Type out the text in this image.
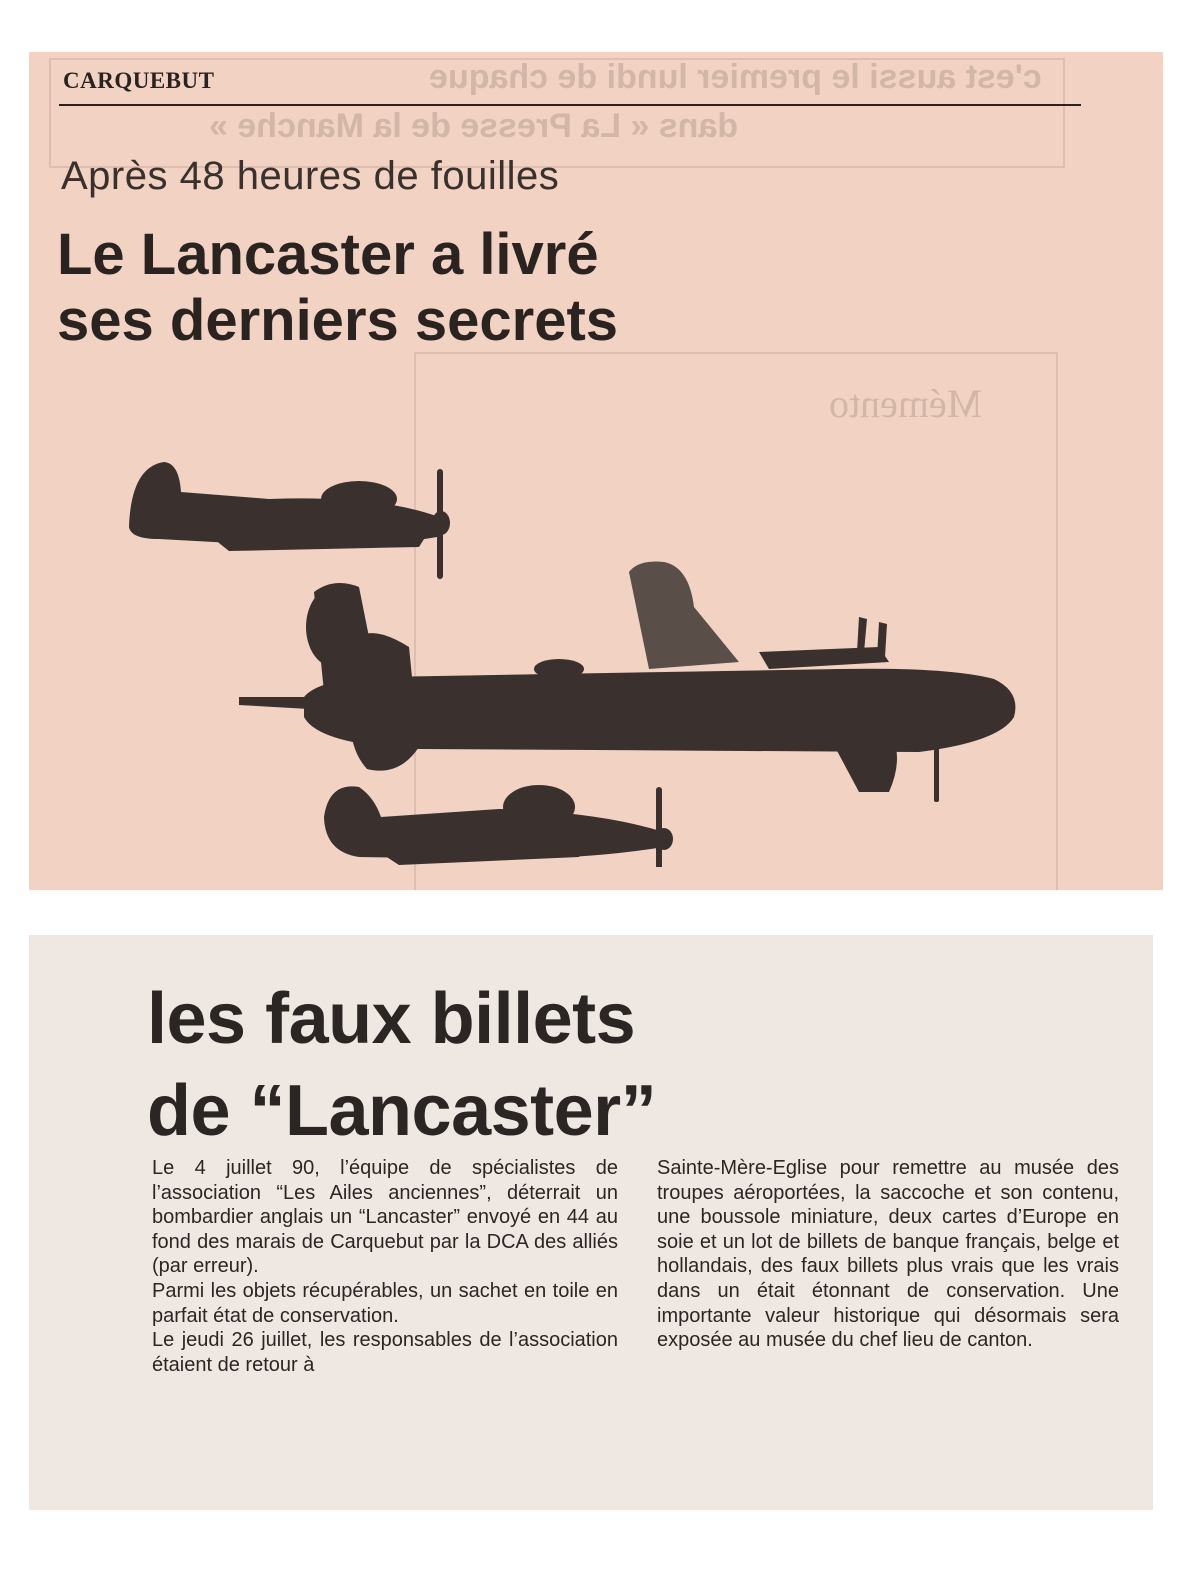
c'est aussi le premier lundi de chaque
dans « La Presse de la Manche »
Mémento
CARQUEBUT
Après 48 heures de fouilles
Le Lancaster a livré
ses derniers secrets
les faux billets
de “Lancaster”

Le 4 juillet 90, l’équipe de spécialistes de l’association “Les Ailes anciennes”, déterrait un bombardier anglais un “Lancaster” envoyé en 44 au fond des marais de Carquebut par la DCA des alliés (par erreur).

Parmi les objets récupérables, un sachet en toile en parfait état de conservation.

Le jeudi 26 juillet, les responsables de l’association étaient de retour à

Sainte-Mère-Eglise pour remettre au musée des troupes aéroportées, la saccoche et son contenu, une boussole miniature, deux cartes d’Europe en soie et un lot de billets de banque français, belge et hollandais, des faux billets plus vrais que les vrais dans un était étonnant de conservation. Une importante valeur historique qui désormais sera exposée au musée du chef lieu de canton.
